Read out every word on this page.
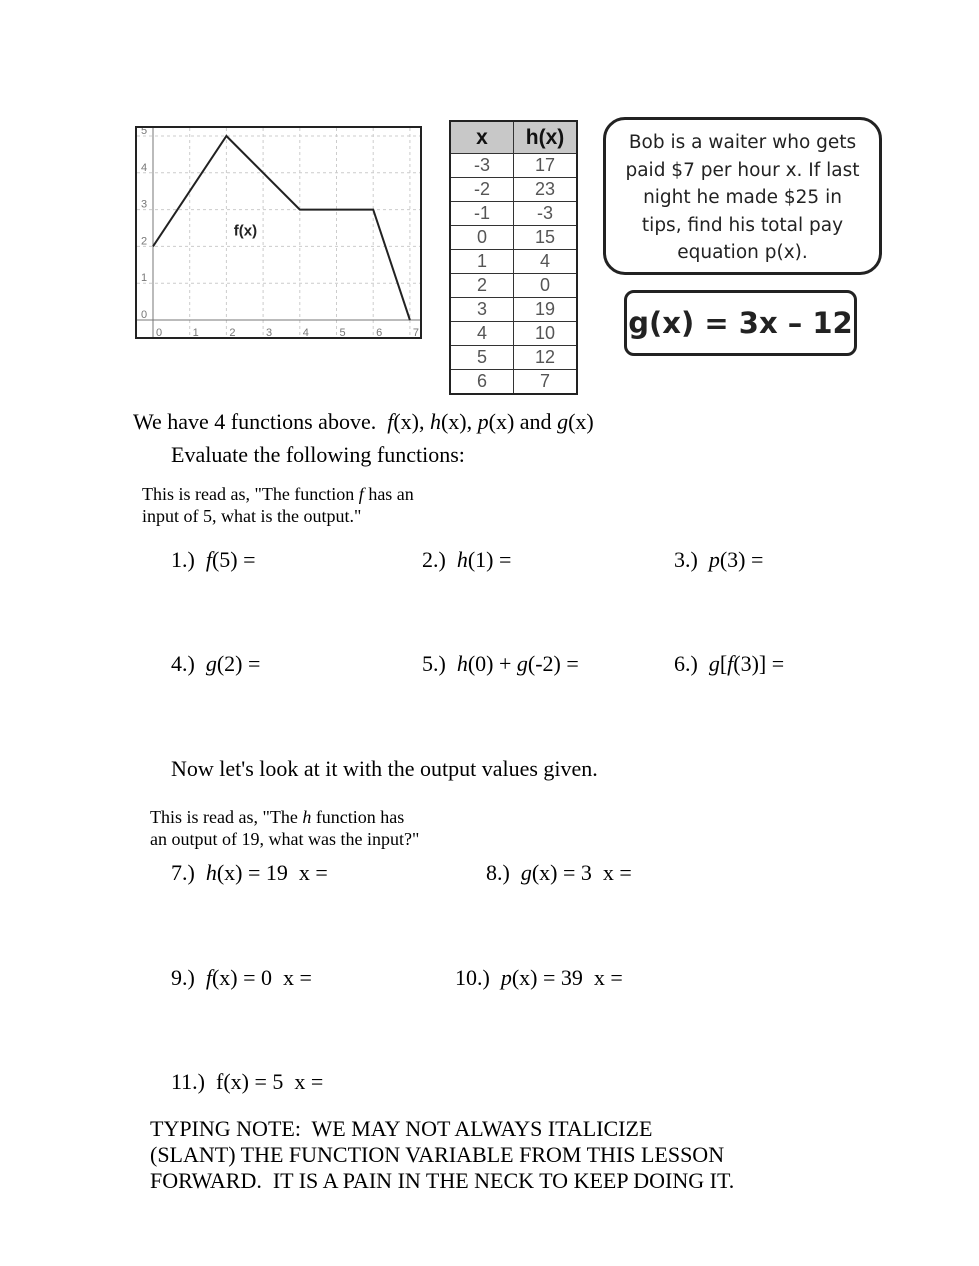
0	1	2	3	4	5	6	7
0
1
2
3
4
5
f(x)
x	h(x)
-3	17
-2	23
-1	-3
0	15
1	4
2	0
3	19
4	10
5	12
6	7
Bob is a waiter who gets
paid $7 per hour x. If last
night he made $25 in
tips, find his total pay
equation p(x).
g(x) = 3x – 12
We have 4 functions above.  f(x), h(x), p(x) and g(x)
Evaluate the following functions:
This is read as, "The function f has an
input of 5, what is the output."
1.)  f(5) =	2.)  h(1) =	3.)  p(3) =
4.)  g(2) =	5.)  h(0) + g(-2) =	6.)  g[f(3)] =
Now let's look at it with the output values given.
This is read as, "The h function has
an output of 19, what was the input?"
7.)  h(x) = 19  x =	8.)  g(x) = 3  x =
9.)  f(x) = 0  x =	10.)  p(x) = 39  x =
11.)  f(x) = 5  x =
TYPING NOTE:  WE MAY NOT ALWAYS ITALICIZE
(SLANT) THE FUNCTION VARIABLE FROM THIS LESSON
FORWARD.  IT IS A PAIN IN THE NECK TO KEEP DOING IT.
